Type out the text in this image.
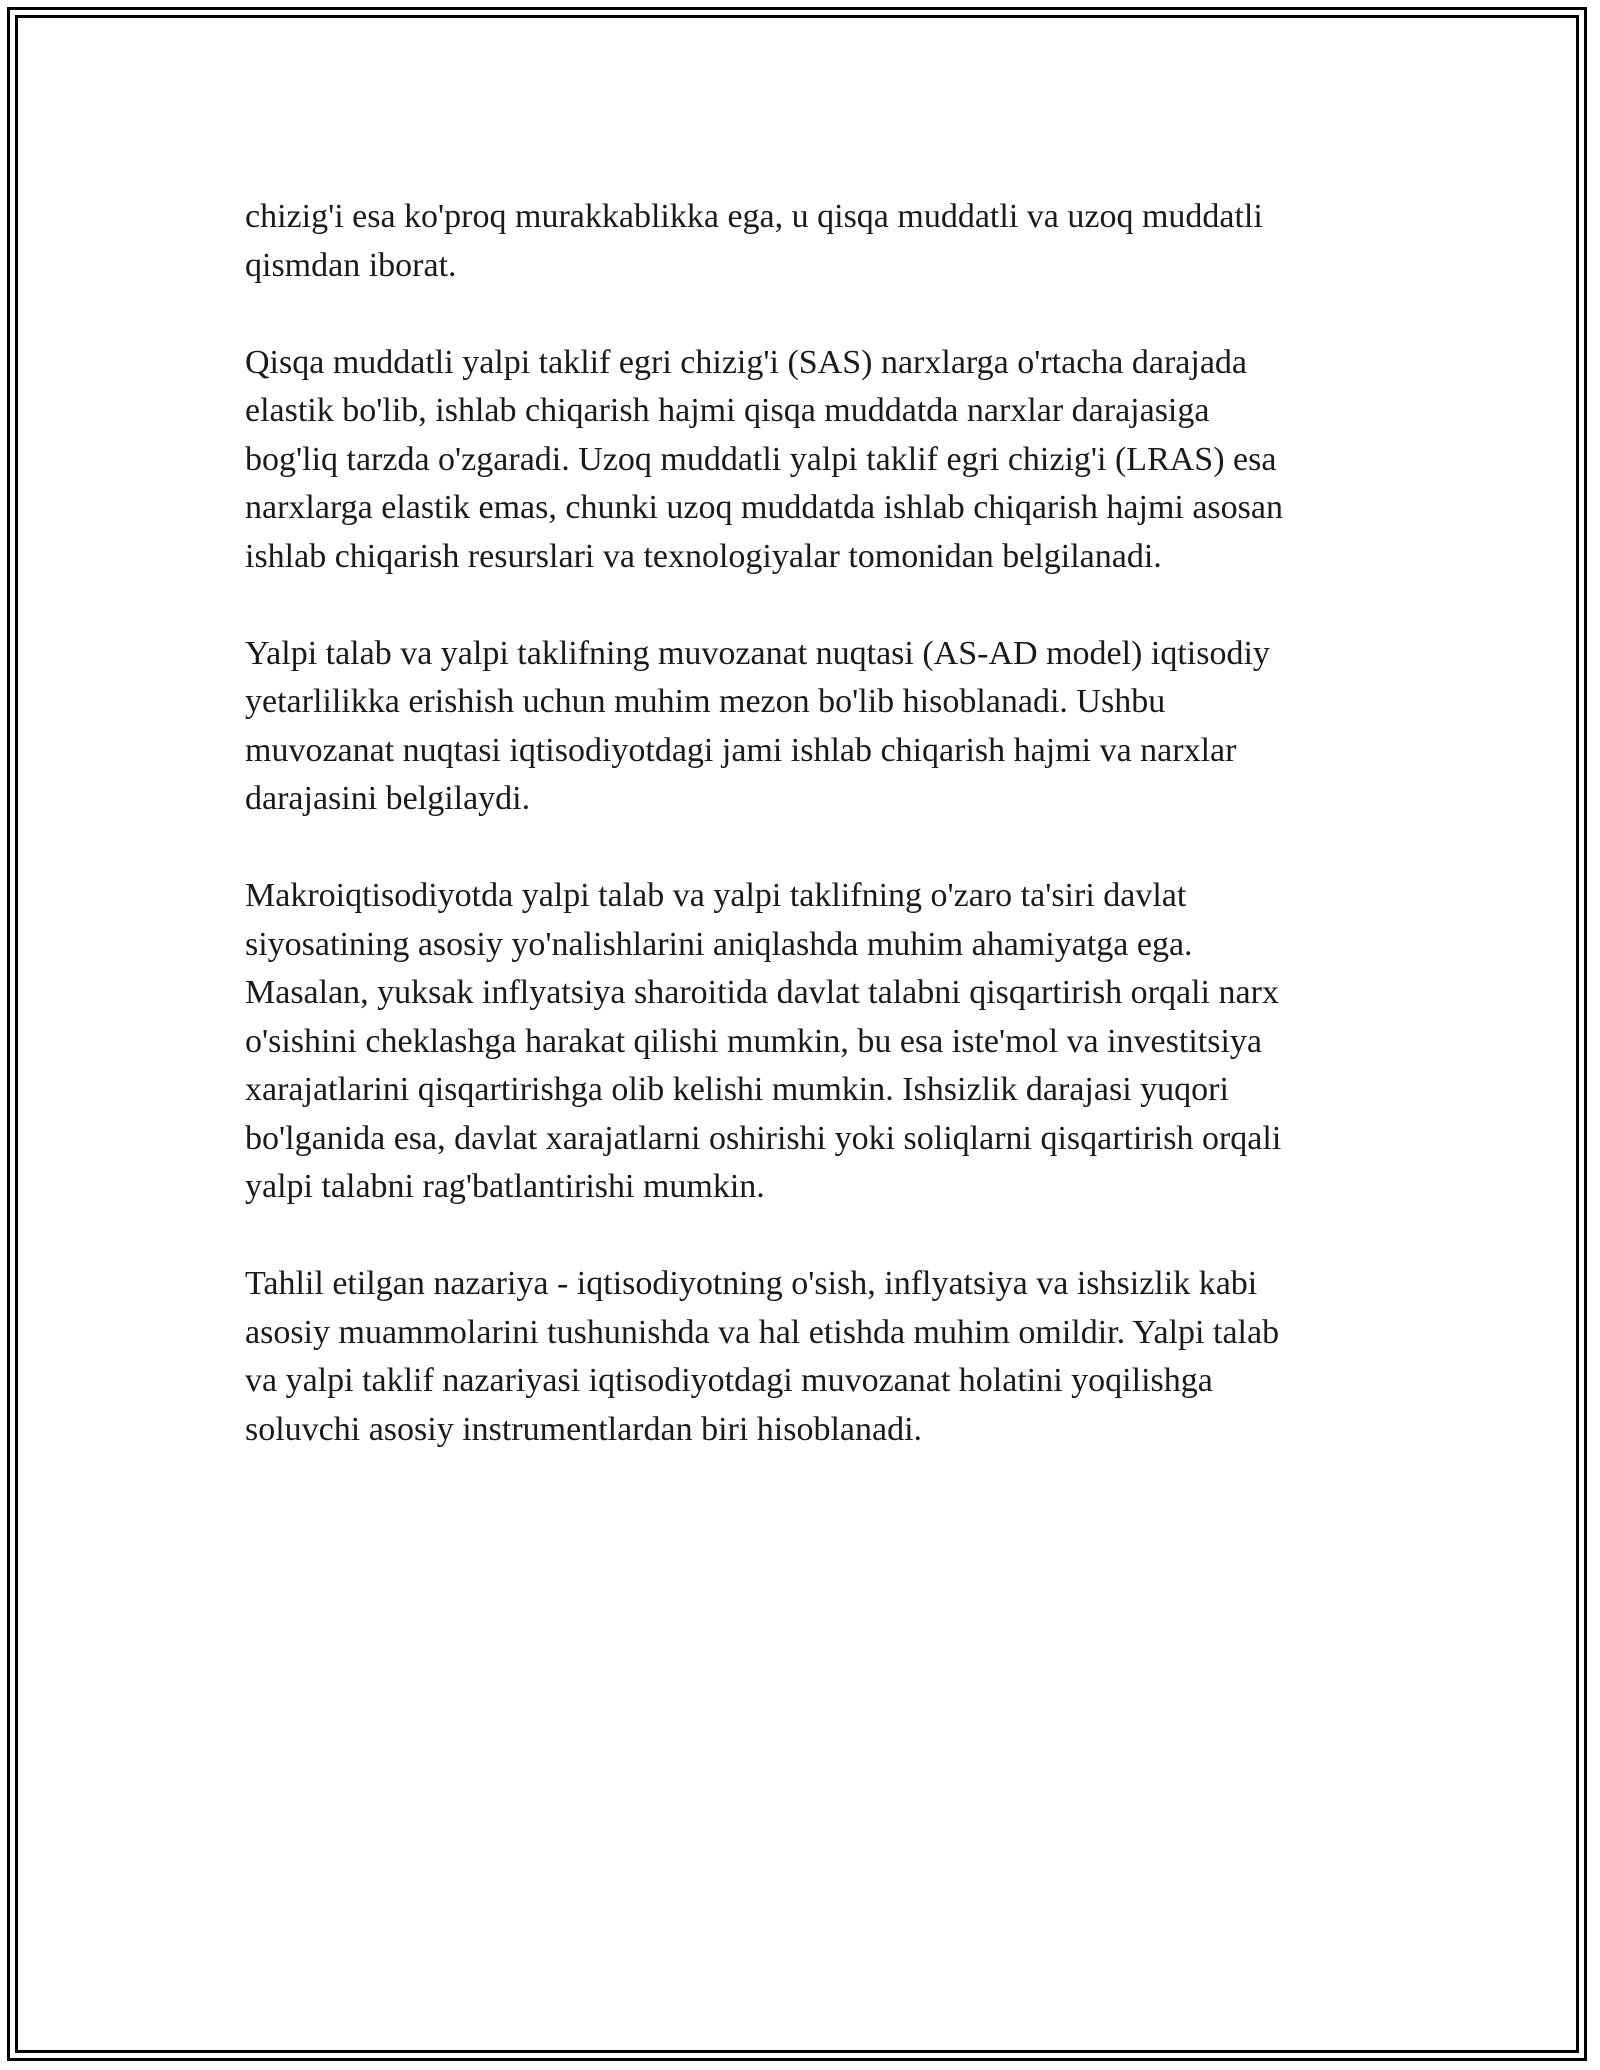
chizig'i esa ko'proq murakkablikka ega, u qisqa muddatli va uzoq muddatli
qismdan iborat.

Qisqa muddatli yalpi taklif egri chizig'i (SAS) narxlarga o'rtacha darajada
elastik bo'lib, ishlab chiqarish hajmi qisqa muddatda narxlar darajasiga
bog'liq tarzda o'zgaradi. Uzoq muddatli yalpi taklif egri chizig'i (LRAS) esa
narxlarga elastik emas, chunki uzoq muddatda ishlab chiqarish hajmi asosan
ishlab chiqarish resurslari va texnologiyalar tomonidan belgilanadi.

Yalpi talab va yalpi taklifning muvozanat nuqtasi (AS-AD model) iqtisodiy
yetarlilikka erishish uchun muhim mezon bo'lib hisoblanadi. Ushbu
muvozanat nuqtasi iqtisodiyotdagi jami ishlab chiqarish hajmi va narxlar
darajasini belgilaydi.

Makroiqtisodiyotda yalpi talab va yalpi taklifning o'zaro ta'siri davlat
siyosatining asosiy yo'nalishlarini aniqlashda muhim ahamiyatga ega.
Masalan, yuksak inflyatsiya sharoitida davlat talabni qisqartirish orqali narx
o'sishini cheklashga harakat qilishi mumkin, bu esa iste'mol va investitsiya
xarajatlarini qisqartirishga olib kelishi mumkin. Ishsizlik darajasi yuqori
bo'lganida esa, davlat xarajatlarni oshirishi yoki soliqlarni qisqartirish orqali
yalpi talabni rag'batlantirishi mumkin.

Tahlil etilgan nazariya - iqtisodiyotning o'sish, inflyatsiya va ishsizlik kabi
asosiy muammolarini tushunishda va hal etishda muhim omildir. Yalpi talab
va yalpi taklif nazariyasi iqtisodiyotdagi muvozanat holatini yoqilishga
soluvchi asosiy instrumentlardan biri hisoblanadi.
